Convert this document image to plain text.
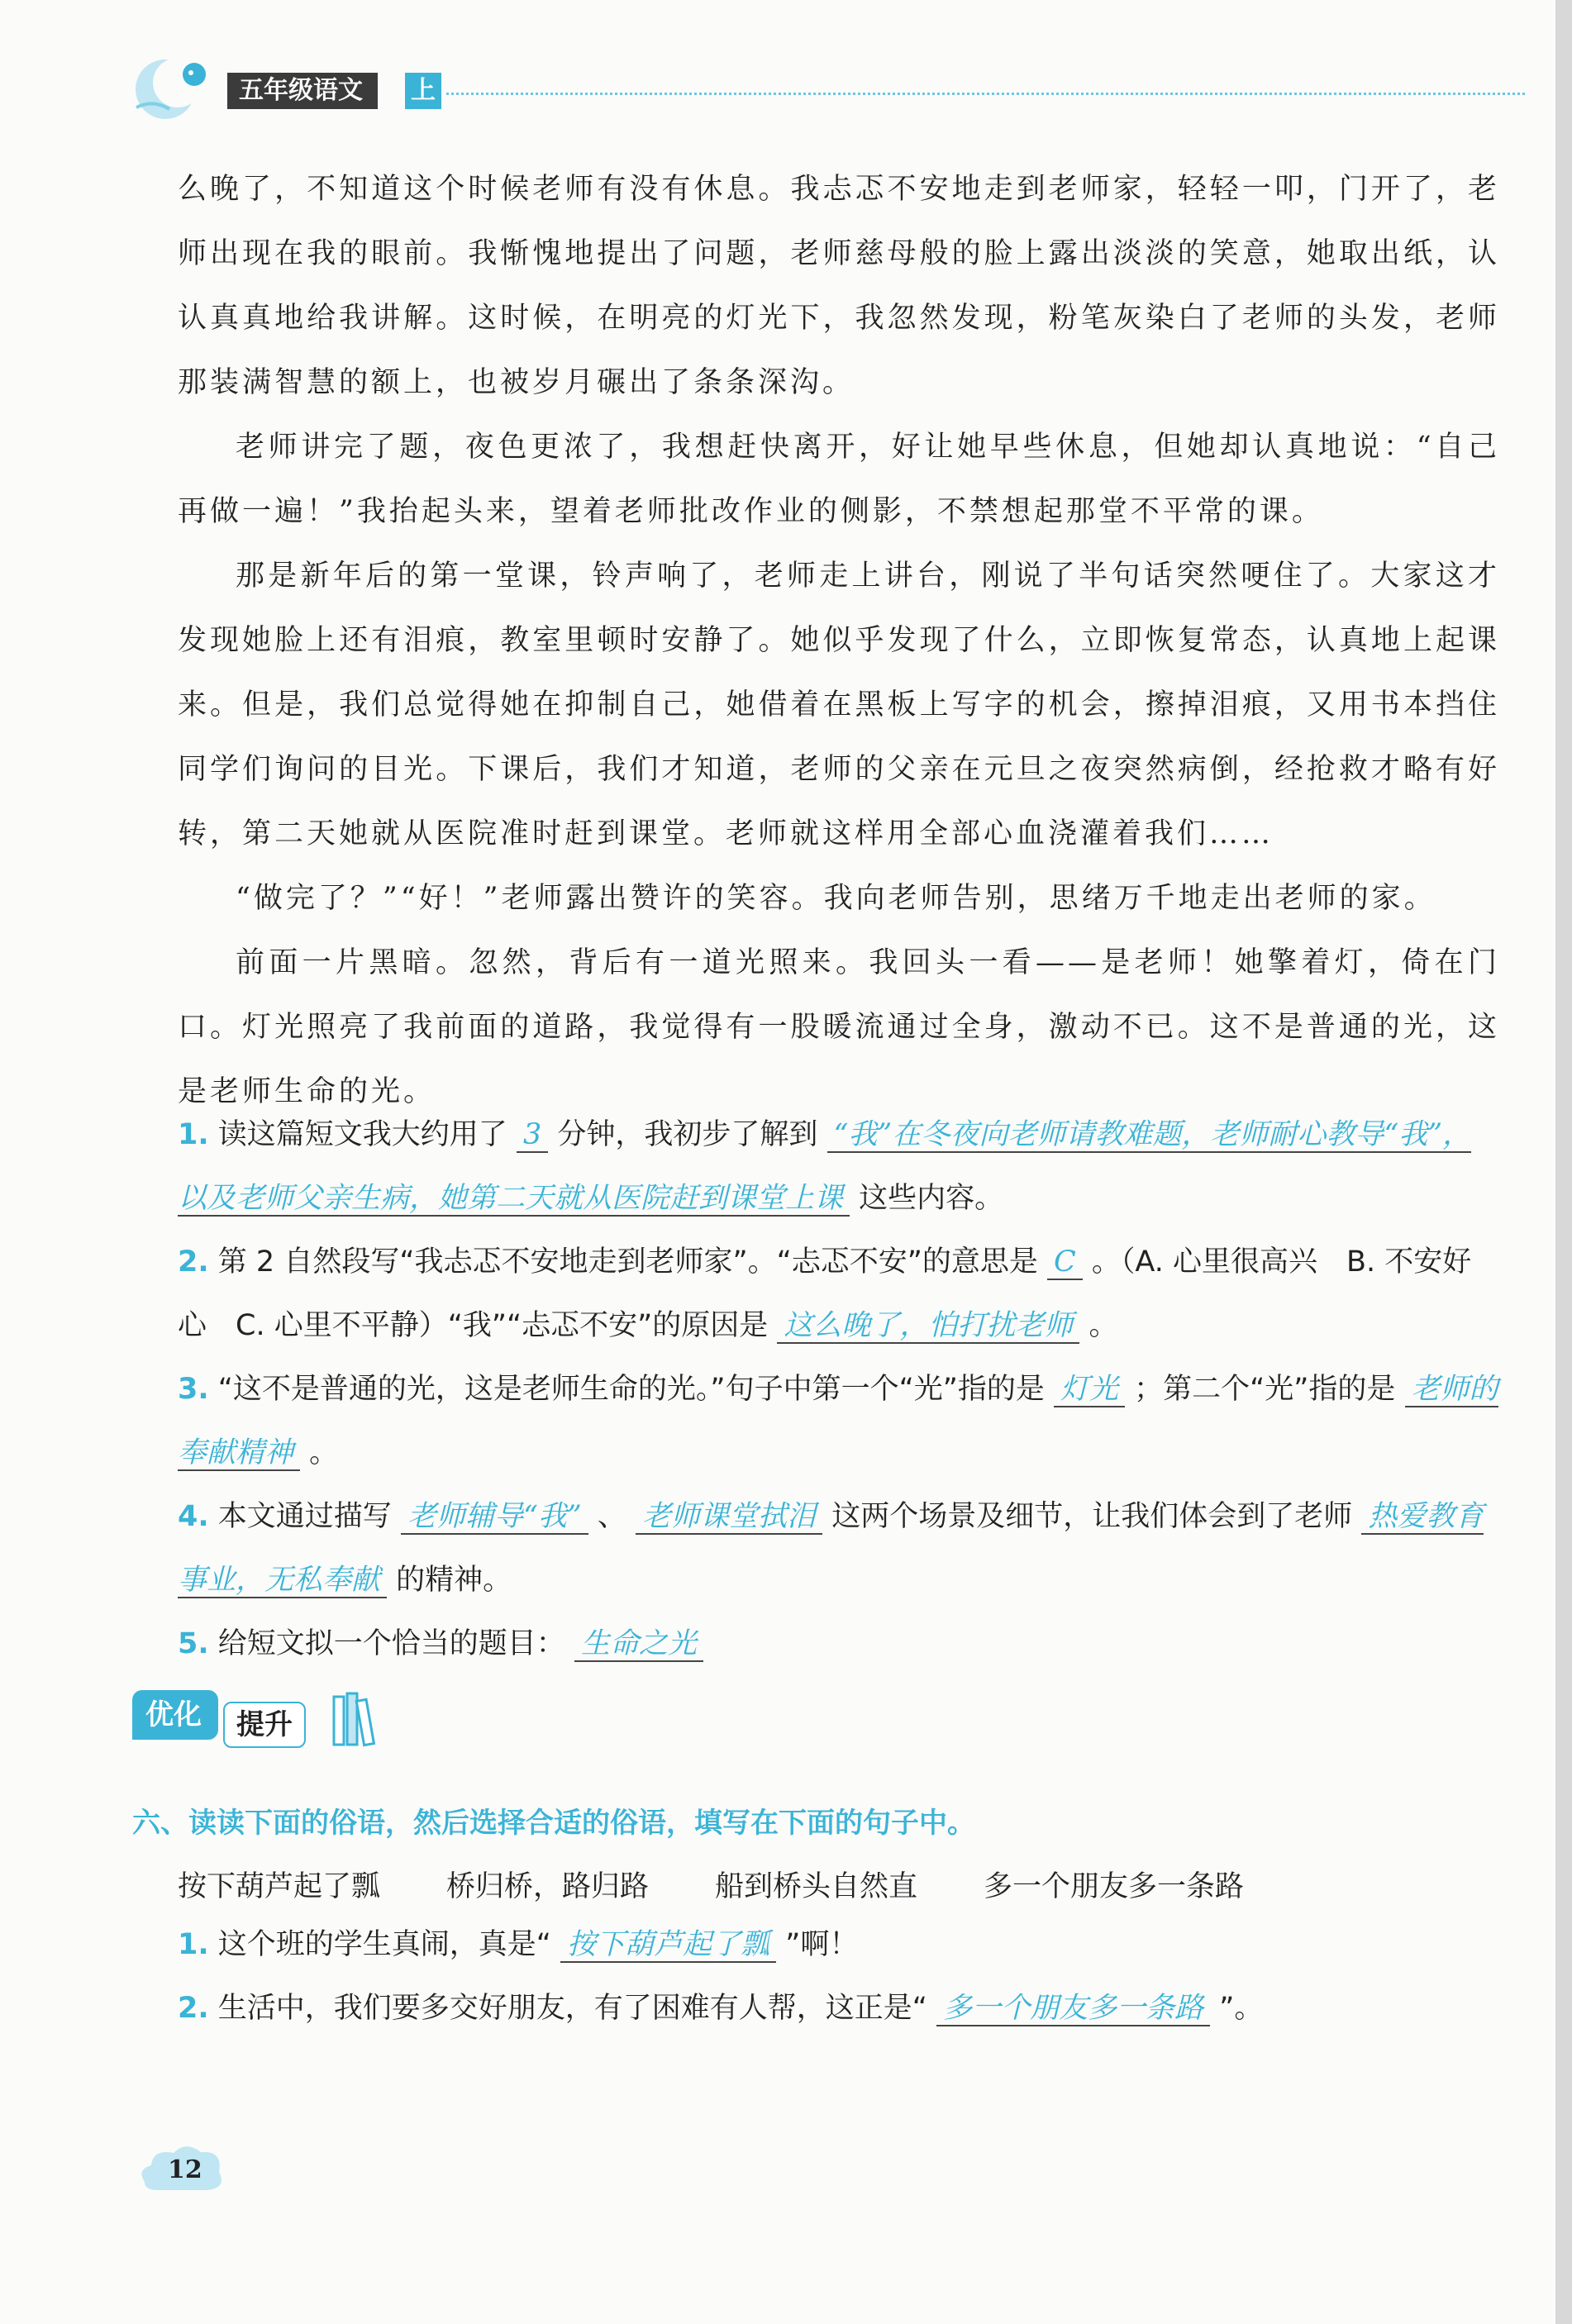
五年级语文	上

么晚了，不知道这个时候老师有没有休息。我忐忑不安地走到老师家，轻轻一叩，门开了，老师出现在我的眼前。我惭愧地提出了问题，老师慈母般的脸上露出淡淡的笑意，她取出纸，认认真真地给我讲解。这时候，在明亮的灯光下，我忽然发现，粉笔灰染白了老师的头发，老师那装满智慧的额上，也被岁月碾出了条条深沟。

老师讲完了题，夜色更浓了，我想赶快离开，好让她早些休息，但她却认真地说：“自己再做一遍！”我抬起头来，望着老师批改作业的侧影，不禁想起那堂不平常的课。

那是新年后的第一堂课，铃声响了，老师走上讲台，刚说了半句话突然哽住了。大家这才发现她脸上还有泪痕，教室里顿时安静了。她似乎发现了什么，立即恢复常态，认真地上起课来。但是，我们总觉得她在抑制自己，她借着在黑板上写字的机会，擦掉泪痕，又用书本挡住同学们询问的目光。下课后，我们才知道，老师的父亲在元旦之夜突然病倒，经抢救才略有好转，第二天她就从医院准时赶到课堂。老师就这样用全部心血浇灌着我们……

“做完了？”“好！”老师露出赞许的笑容。我向老师告别，思绪万千地走出老师的家。

前面一片黑暗。忽然，背后有一道光照来。我回头一看——是老师！她擎着灯，倚在门口。灯光照亮了我前面的道路，我觉得有一股暖流通过全身，激动不已。这不是普通的光，这是老师生命的光。

1. 读这篇短文我大约用了 3 分钟，我初步了解到 “我”在冬夜向老师请教难题，老师耐心教导“我”，以及老师父亲生病，她第二天就从医院赶到课堂上课 这些内容。

2. 第 2 自然段写“我忐忑不安地走到老师家”。“忐忑不安”的意思是 C 。（A. 心里很高兴　B. 不安好心　C. 心里不平静）“我”“忐忑不安”的原因是 这么晚了，怕打扰老师 。

3. “这不是普通的光，这是老师生命的光。”句子中第一个“光”指的是 灯光 ；第二个“光”指的是 老师的奉献精神 。

4. 本文通过描写 老师辅导“我” 、 老师课堂拭泪 这两个场景及细节，让我们体会到了老师 热爱教育事业，无私奉献 的精神。

5. 给短文拟一个恰当的题目： 生命之光

优化	提升

六、读读下面的俗语，然后选择合适的俗语，填写在下面的句子中。

按下葫芦起了瓢 桥归桥，路归路 船到桥头自然直 多一个朋友多一条路

1. 这个班的学生真闹，真是“ 按下葫芦起了瓢 ”啊！

2. 生活中，我们要多交好朋友，有了困难有人帮，这正是“ 多一个朋友多一条路 ”。

12
